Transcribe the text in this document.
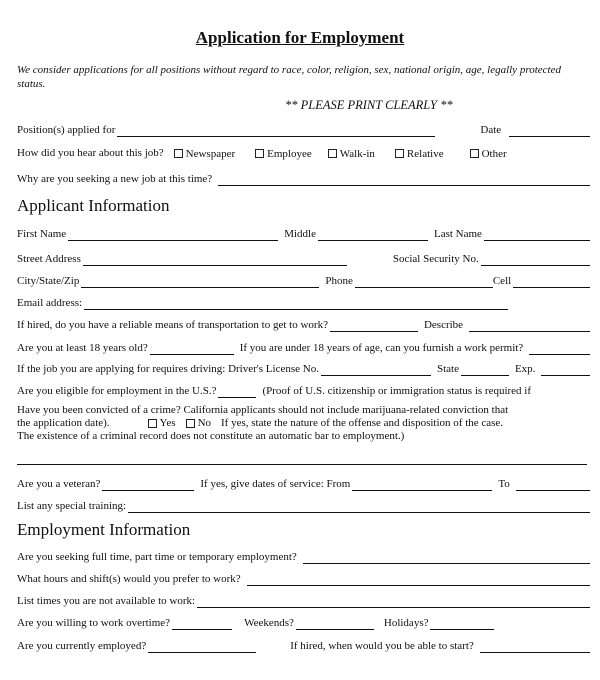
Application for Employment
We consider applications for all positions without regard to race, color, religion, sex, national origin, age, legally protected status.
** PLEASE PRINT CLEARLY **
Position(s) applied for	Date
How did you hear about this job? Newspaper	Employee	Walk-in	Relative	Other
Why are you seeking a new job at this time?
Applicant Information
First Name	Middle	Last Name
Street Address	Social Security No.
City/State/Zip	Phone	Cell
Email address:
If hired, do you have a reliable means of transportation to get to work?	Describe
Are you at least 18 years old?	If you are under 18 years of age, can you furnish a work permit?
If the job you are applying for requires driving: Driver's License No.	State	Exp.
Are you eligible for employment in the U.S.?	(Proof of U.S. citizenship or immigration status is required if
Have you been convicted of a crime? California applicants should not include marijuana-related conviction that
the application date).	Yes No If yes, state the nature of the offense and disposition of the case.
The existence of a criminal record does not constitute an automatic bar to employment.)
Are you a veteran?	If yes, give dates of service: From	To
List any special training:
Employment Information
Are you seeking full time, part time or temporary employment?
What hours and shift(s) would you prefer to work?
List times you are not available to work:
Are you willing to work overtime?	Weekends?	Holidays?
Are you currently employed?	If hired, when would you be able to start?
